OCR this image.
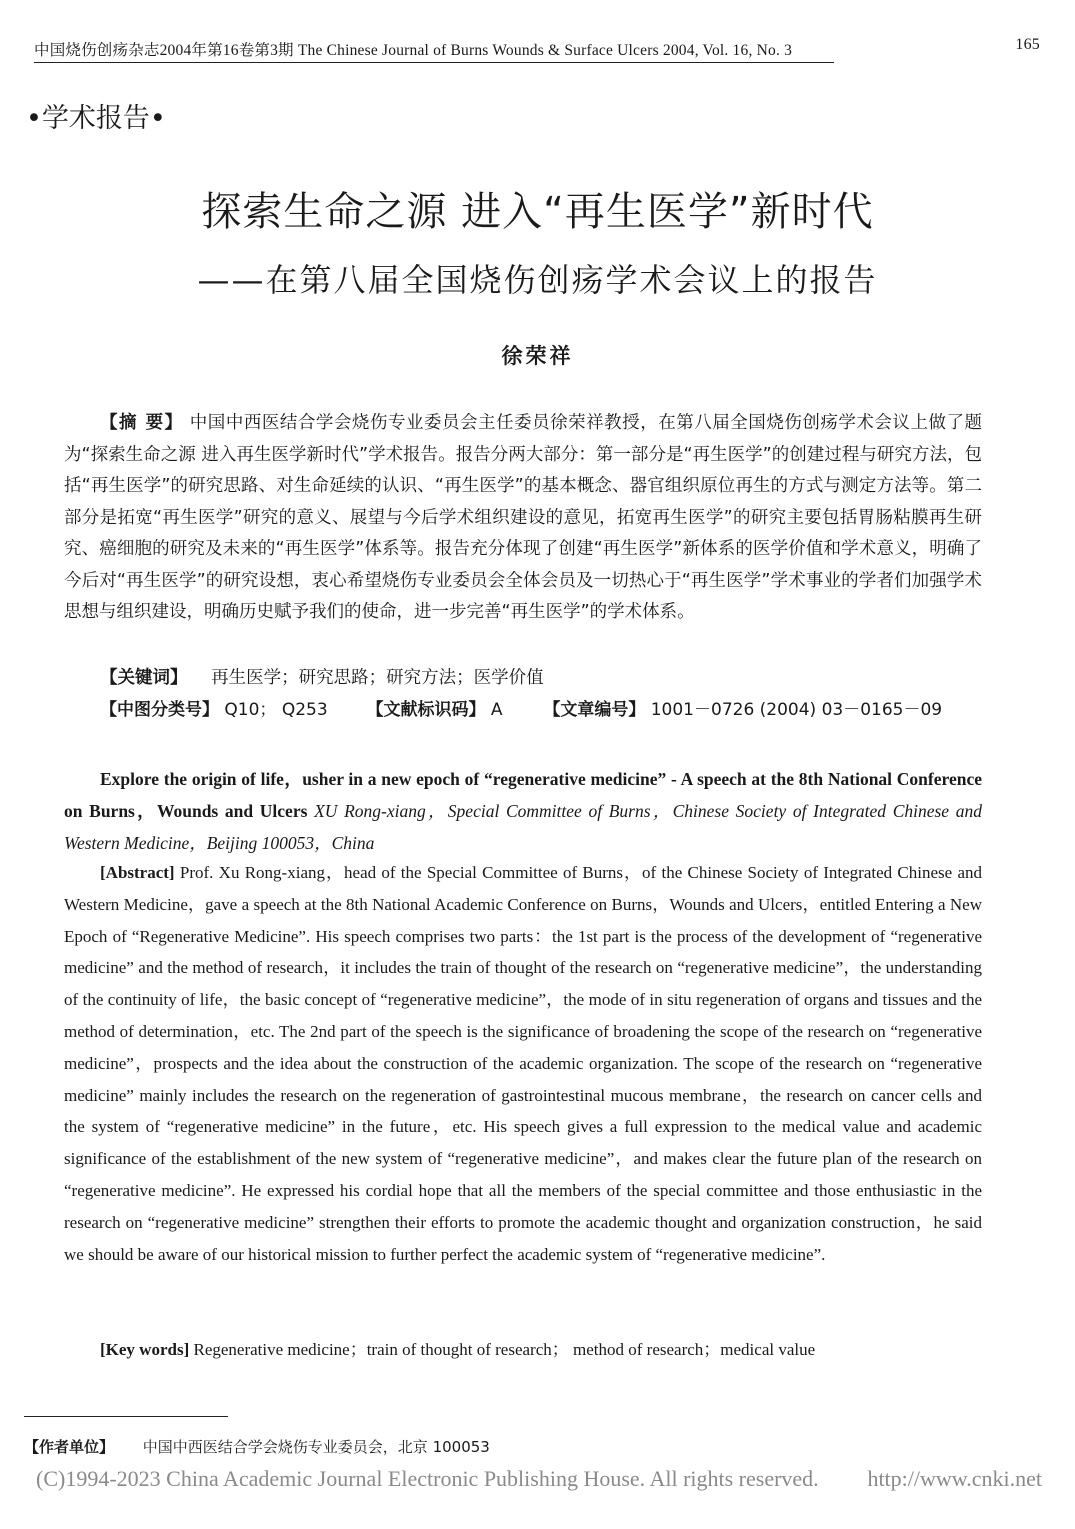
中国烧伤创疡杂志2004年第16卷第3期 The Chinese Journal of Burns Wounds & Surface Ulcers 2004, Vol. 16, No. 3	165
•学术报告•
探索生命之源 进入“再生医学”新时代
——在第八届全国烧伤创疡学术会议上的报告
徐荣祥
【摘 要】 中国中西医结合学会烧伤专业委员会主任委员徐荣祥教授，在第八届全国烧伤创疡学术会议上做了题为“探索生命之源 进入再生医学新时代”学术报告。报告分两大部分：第一部分是“再生医学”的创建过程与研究方法，包括“再生医学”的研究思路、对生命延续的认识、“再生医学”的基本概念、器官组织原位再生的方式与测定方法等。第二部分是拓宽“再生医学”研究的意义、展望与今后学术组织建设的意见，拓宽再生医学”的研究主要包括胃肠粘膜再生研究、癌细胞的研究及未来的“再生医学”体系等。报告充分体现了创建“再生医学”新体系的医学价值和学术意义，明确了今后对“再生医学”的研究设想，衷心希望烧伤专业委员会全体会员及一切热心于“再生医学”学术事业的学者们加强学术思想与组织建设，明确历史赋予我们的使命，进一步完善“再生医学”的学术体系。
【关键词】 再生医学；研究思路；研究方法；医学价值
【中图分类号】 Q10； Q253 【文献标识码】 A 【文章编号】 1001－0726 (2004) 03－0165－09
Explore the origin of life，usher in a new epoch of “regenerative medicine” - A speech at the 8th National Conference on Burns，Wounds and Ulcers XU Rong-xiang，Special Committee of Burns，Chinese Society of Integrated Chinese and Western Medicine，Beijing 100053，China
[Abstract] Prof. Xu Rong-xiang，head of the Special Committee of Burns，of the Chinese Society of Integrated Chinese and Western Medicine，gave a speech at the 8th National Academic Conference on Burns，Wounds and Ulcers，entitled Entering a New Epoch of “Regenerative Medicine”. His speech comprises two parts：the 1st part is the process of the development of “regenerative medicine” and the method of research，it includes the train of thought of the research on “regenerative medicine”，the understanding of the continuity of life，the basic concept of “regenerative medicine”，the mode of in situ regeneration of organs and tissues and the method of determination，etc. The 2nd part of the speech is the significance of broadening the scope of the research on “regenerative medicine”，prospects and the idea about the construction of the academic organization. The scope of the research on “regenerative medicine” mainly includes the research on the regeneration of gastrointestinal mucous membrane，the research on cancer cells and the system of “regenerative medicine” in the future，etc. His speech gives a full expression to the medical value and academic significance of the establishment of the new system of “regenerative medicine”，and makes clear the future plan of the research on “regenerative medicine”. He expressed his cordial hope that all the members of the special committee and those enthusiastic in the research on “regenerative medicine” strengthen their efforts to promote the academic thought and organization construction，he said we should be aware of our historical mission to further perfect the academic system of “regenerative medicine”.
[Key words] Regenerative medicine；train of thought of research； method of research；medical value
【作者单位】 中国中西医结合学会烧伤专业委员会，北京 100053
(C)1994-2023 China Academic Journal Electronic Publishing House. All rights reserved. http://www.cnki.net
